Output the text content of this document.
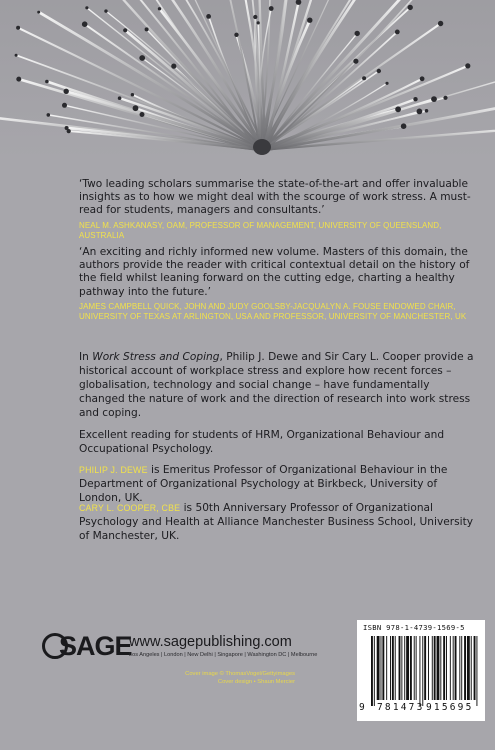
‘Two leading scholars summarise the state-of-the-art and offer invaluable insights as to how we might deal with the scourge of work stress. A must-read for students, managers and consultants.’

NEAL M. ASHKANASY, OAM, PROFESSOR OF MANAGEMENT, UNIVERSITY OF QUEENSLAND, AUSTRALIA

‘An exciting and richly informed new volume. Masters of this domain, the authors provide the reader with critical contextual detail on the history of the field whilst leaning forward on the cutting edge, charting a healthy pathway into the future.’

JAMES CAMPBELL QUICK, JOHN AND JUDY GOOLSBY-JACQUALYN A. FOUSE ENDOWED CHAIR, UNIVERSITY OF TEXAS AT ARLINGTON, USA AND PROFESSOR, UNIVERSITY OF MANCHESTER, UK

In Work Stress and Coping, Philip J. Dewe and Sir Cary L. Cooper provide a historical account of workplace stress and explore how recent forces – globalisation, technology and social change – have fundamentally changed the nature of work and the direction of research into work stress and coping.

Excellent reading for students of HRM, Organizational Behaviour and Occupational Psychology.

PHILIP J. DEWE is Emeritus Professor of Organizational Behaviour in the Department of Organizational Psychology at Birkbeck, University of London, UK.

CARY L. COOPER, CBE is 50th Anniversary Professor of Organizational Psychology and Health at Alliance Manchester Business School, University of Manchester, UK.

SAGE
www.sagepublishing.com
Los Angeles | London | New Delhi | Singapore | Washington DC | Melbourne
Cover image © ThomasVogel/Gettyimages
Cover design • Shaun Mercier
ISBN 978-1-4739-1569-5
9 781473 915695
